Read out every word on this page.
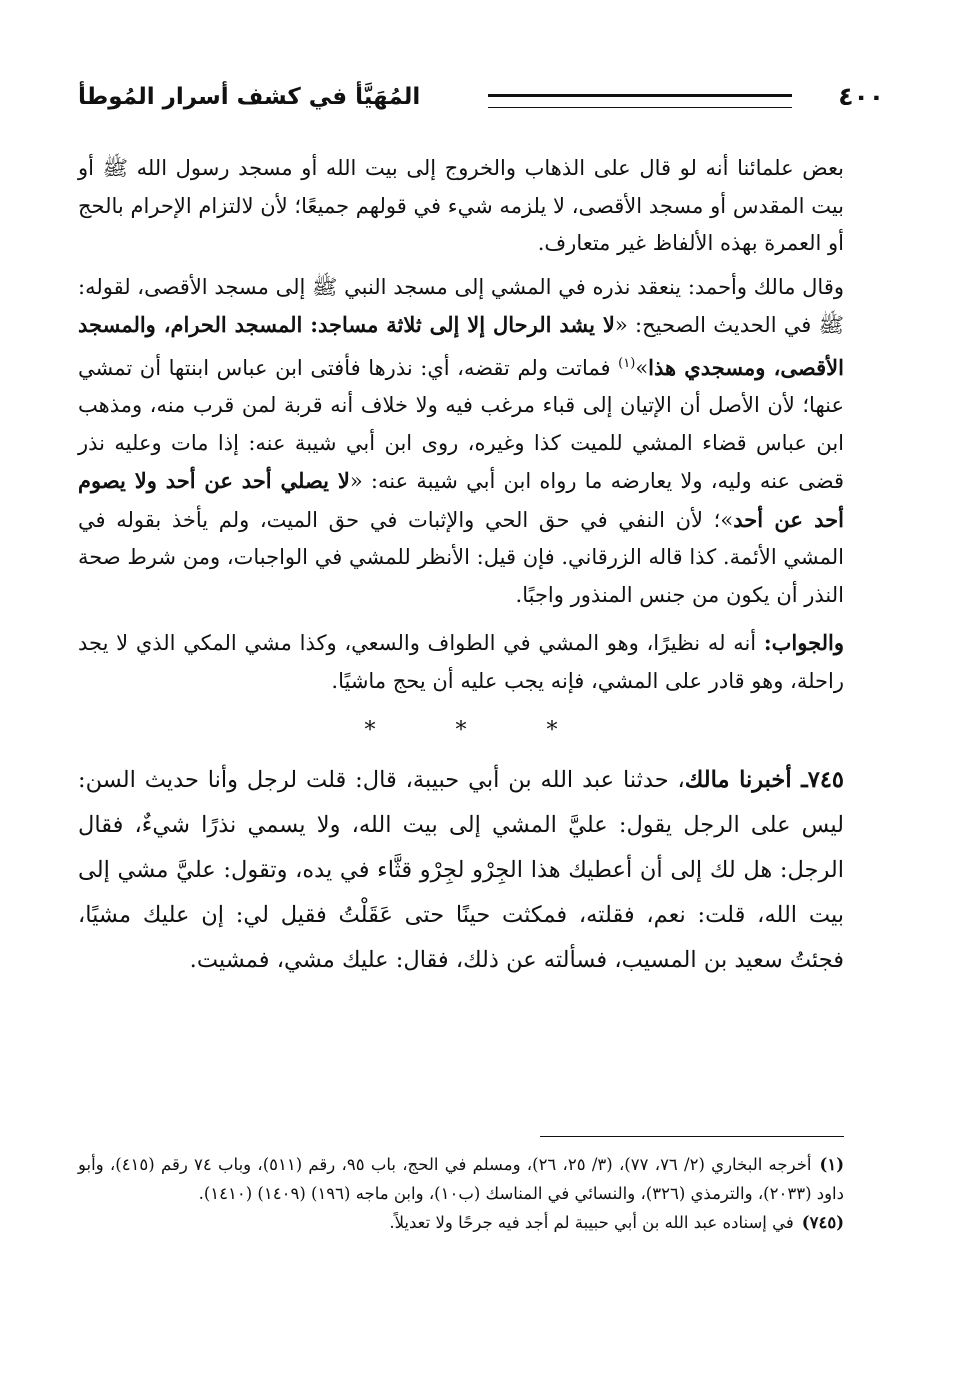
٤٠٠
المُهَيَّأ في كشف أسرار المُوطأ

بعض علمائنا أنه لو قال على الذهاب والخروج إلى بيت الله أو مسجد رسول الله ﷺ أو بيت المقدس أو مسجد الأقصى، لا يلزمه شيء في قولهم جميعًا؛ لأن لالتزام الإحرام بالحج أو العمرة بهذه الألفاظ غير متعارف.

وقال مالك وأحمد: ينعقد نذره في المشي إلى مسجد النبي ﷺ إلى مسجد الأقصى، لقوله: ﷺ في الحديث الصحيح: «لا يشد الرحال إلا إلى ثلاثة مساجد: المسجد الحرام، والمسجد الأقصى، ومسجدي هذا»$^{(١)}$ فماتت ولم تقضه، أي: نذرها فأفتى ابن عباس ابنتها أن تمشي عنها؛ لأن الأصل أن الإتيان إلى قباء مرغب فيه ولا خلاف أنه قربة لمن قرب منه، ومذهب ابن عباس قضاء المشي للميت كذا وغيره، روى ابن أبي شيبة عنه: إذا مات وعليه نذر قضى عنه وليه، ولا يعارضه ما رواه ابن أبي شيبة عنه: «لا يصلي أحد عن أحد ولا يصوم أحد عن أحد»؛ لأن النفي في حق الحي والإثبات في حق الميت، ولم يأخذ بقوله في المشي الأئمة. كذا قاله الزرقاني. فإن قيل: الأنظر للمشي في الواجبات، ومن شرط صحة النذر أن يكون من جنس المنذور واجبًا.

والجواب: أنه له نظيرًا، وهو المشي في الطواف والسعي، وكذا مشي المكي الذي لا يجد راحلة، وهو قادر على المشي، فإنه يجب عليه أن يحج ماشيًا.

*	*	*

٧٤٥ـ أخبرنا مالك، حدثنا عبد الله بن أبي حبيبة، قال: قلت لرجل وأنا حديث السن: ليس على الرجل يقول: عليَّ المشي إلى بيت الله، ولا يسمي نذرًا شيءٌ، فقال الرجل: هل لك إلى أن أعطيك هذا الجِرْو لجِرْو قثَّاء في يده، وتقول: عليَّ مشي إلى بيت الله، قلت: نعم، فقلته، فمكثت حينًا حتى عَقَلْتُ فقيل لي: إن عليك مشيًا، فجئتُ سعيد بن المسيب، فسألته عن ذلك، فقال: عليك مشي، فمشيت.

(١)أخرجه البخاري (٢/ ٧٦، ٧٧)، (٣/ ٢٥، ٢٦)، ومسلم في الحج، باب ٩٥، رقم (٥١١)، وباب ٧٤ رقم (٤١٥)، وأبو داود (٢٠٣٣)، والترمذي (٣٢٦)، والنسائي في المناسك (ب١٠)، وابن ماجه (١٩٦) (١٤٠٩) (١٤١٠).

(٧٤٥)في إسناده عبد الله بن أبي حبيبة لم أجد فيه جرحًا ولا تعديلاً.
